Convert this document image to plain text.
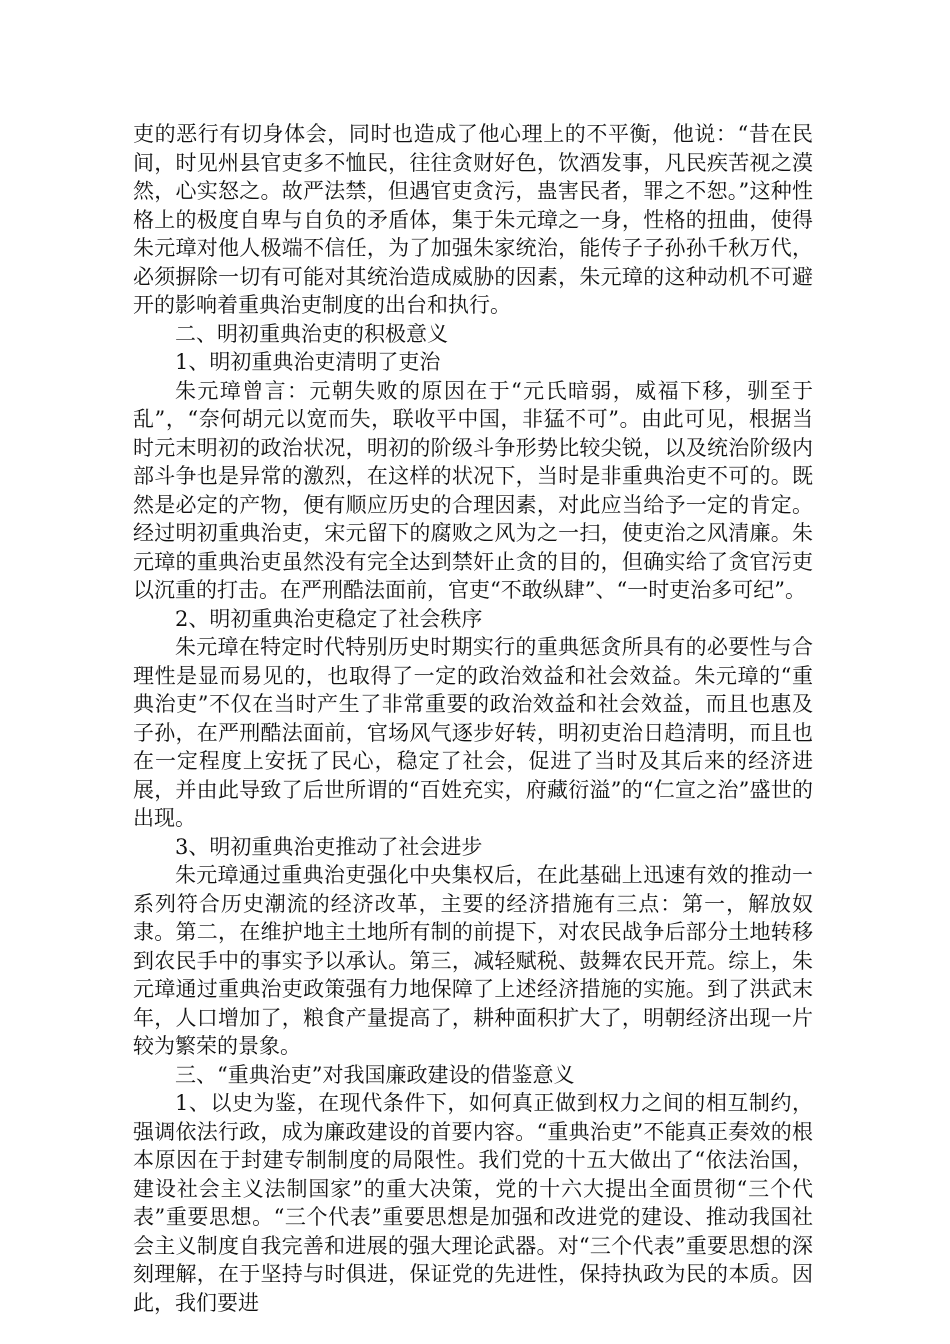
吏的恶行有切身体会，同时也造成了他心理上的不平衡，他说：“昔在民间，时见州县官吏多不恤民，往往贪财好色，饮酒发事，凡民疾苦视之漠然，心实怒之。故严法禁，但遇官吏贪污，蛊害民者，罪之不恕。”这种性格上的极度自卑与自负的矛盾体，集于朱元璋之一身，性格的扭曲，使得朱元璋对他人极端不信任，为了加强朱家统治，能传子子孙孙千秋万代，必须摒除一切有可能对其统治造成威胁的因素，朱元璋的这种动机不可避开的影响着重典治吏制度的出台和执行。

二、明初重典治吏的积极意义

1、明初重典治吏清明了吏治

朱元璋曾言：元朝失败的原因在于“元氏暗弱，威福下移，驯至于乱”，“奈何胡元以宽而失，联收平中国，非猛不可”。由此可见，根据当时元末明初的政治状况，明初的阶级斗争形势比较尖锐，以及统治阶级内部斗争也是异常的激烈，在这样的状况下，当时是非重典治吏不可的。既然是必定的产物，便有顺应历史的合理因素，对此应当给予一定的肯定。经过明初重典治吏，宋元留下的腐败之风为之一扫，使吏治之风清廉。朱元璋的重典治吏虽然没有完全达到禁奸止贪的目的，但确实给了贪官污吏以沉重的打击。在严刑酷法面前，官吏“不敢纵肆”、“一时吏治多可纪”。

2、明初重典治吏稳定了社会秩序

朱元璋在特定时代特别历史时期实行的重典惩贪所具有的必要性与合理性是显而易见的，也取得了一定的政治效益和社会效益。朱元璋的“重典治吏”不仅在当时产生了非常重要的政治效益和社会效益，而且也惠及子孙，在严刑酷法面前，官场风气逐步好转，明初吏治日趋清明，而且也在一定程度上安抚了民心，稳定了社会，促进了当时及其后来的经济进展，并由此导致了后世所谓的“百姓充实，府藏衍溢”的“仁宣之治”盛世的出现。

3、明初重典治吏推动了社会进步

朱元璋通过重典治吏强化中央集权后，在此基础上迅速有效的推动一系列符合历史潮流的经济改革，主要的经济措施有三点：第一，解放奴隶。第二，在维护地主土地所有制的前提下，对农民战争后部分土地转移到农民手中的事实予以承认。第三，减轻赋税、鼓舞农民开荒。综上，朱元璋通过重典治吏政策强有力地保障了上述经济措施的实施。到了洪武末年，人口增加了，粮食产量提高了，耕种面积扩大了，明朝经济出现一片较为繁荣的景象。

三、“重典治吏”对我国廉政建设的借鉴意义

1、以史为鉴，在现代条件下，如何真正做到权力之间的相互制约，强调依法行政，成为廉政建设的首要内容。“重典治吏”不能真正奏效的根本原因在于封建专制制度的局限性。我们党的十五大做出了“依法治国，建设社会主义法制国家”的重大决策，党的十六大提出全面贯彻“三个代表”重要思想。“三个代表”重要思想是加强和改进党的建设、推动我国社会主义制度自我完善和进展的强大理论武器。对“三个代表”重要思想的深刻理解，在于坚持与时俱进，保证党的先进性，保持执政为民的本质。因此，我们要进
